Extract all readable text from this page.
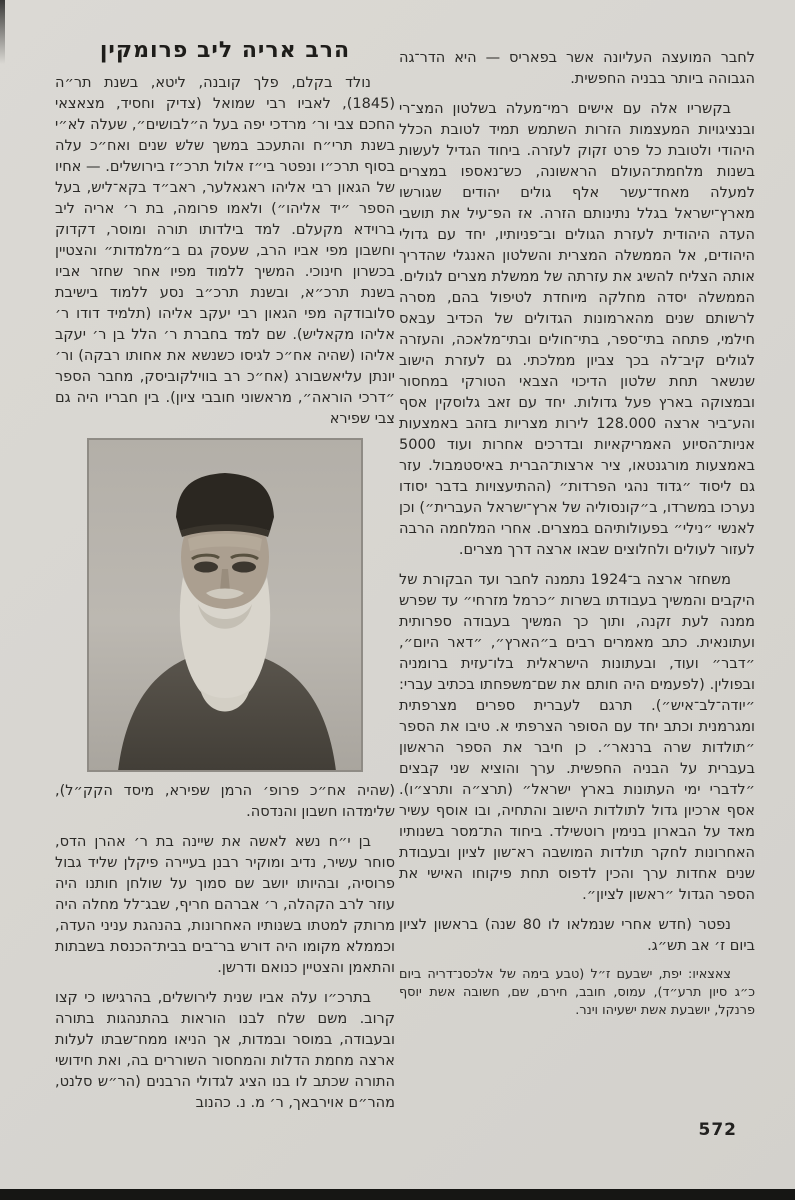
לחבר המועצה העליונה אשר בפאריס — היא הדר־גה הגבוהה ביותר בבניה החפשית.

בקשריו אלה עם אישים רמי־מעלה בשלטון המצ־רי ובנציגויות המעצמות הזרות השתמש תמיד לטובת הכלל היהודי ולטובת כל פרט זקוק לעזרה. ביחוד הגדיל לעשות בשנות מלחמת־העולם הראשונה, כש־נאספו במצרים למעלה מאחד־עשר אלף גולים יהודים שגורשו מארץ־ישראל בגלל נתינותם הזרה. אז הפ־עיל את תושבי העדה היהודית לעזרת הגולים וב־פניותיו, יחד עם גדולי היהודים, אל הממשלה המצרית והשלטון האנגלי שהדריך אותה הצליח להשיג את עזרתה של ממשלת מצרים לגולים. הממשלה יסדה מחלקה מיוחדת לטיפול בהם, מסרה לרשותם שנים מהארמונות הגדולים של הכדיב עבאס חילמי, פתחה בתי־ספר, בתי־חולים ובתי־מלאכה, והעזרה לגולים קיב־לה בכך צביון ממלכתי. גם לעזרת הישוב שנשאר תחת שלטון הדיכוי הצבאי הטורקי במחסור ובמצוקה בארץ פעל גדולות. יחד עם זאב גלוסקין אסף והע־ביר ארצה 128.000 לירות מצריות בזהב באמצעות אניות־הסיוע האמריקאיות ובדרכים אחרות ועוד 5000 באמצעות מורגנטאו, ציר ארצות־הברית באיסטמבול. עזר גם ליסוד ״גדוד נהגי הפרדות״ (ההתיעצויות בדבר יסודו נערכו במשרדו, ב״קונסוליה של ארץ־ישראל העברית״) וכן לאנשי ״נילי״ בפעולותיהם במצרים. אחרי המלחמה הרבה לעזור לעולים ולחלוצים שבאו ארצה דרך מצרים.

משחזר ארצה ב־1924 נתמנה לחבר ועד הבקורת של היקבים והמשיך בעבודתו בשרות ״כרמל מזרחי״ עד שפרש ממנה לעת זקנה, ותוך כך המשיך בעבודה ספרותית ועתונאית. כתב מאמרים רבים ב״הארץ״, ״דאר היום״, ״דבר״ ועוד, ובעתונות הישראלית בלו־עזית ברומניה ובפולין. (לפעמים היה חותם את שם־משפחתו בכתיב עברי: ״יודה־לב־איש״). תרגם לעברית ספרים מצרפתית ומגרמנית וכתב יחד עם הסופר הצרפתי א. טיבו את הספר ״תולדות שרה ברנאר״. כן חיבר את הספר הראשון בעברית על הבניה החפשית. ערך והוציא שני קבצים ״לדברי ימי העתונות בארץ ישראל״ (תרצ״ה ותרצ״ו). אסף ארכיון גדול לתולדות הישוב והתחיה, ובו אוסף עשיר מאד על הבארון בנימין רוטשילד. ביחוד הת־מסר בשנותיו האחרונות לחקר תולדות המושבה רא־שון לציון ובעבודת שנים אחדות ערך והכין לדפוס תחת פיקוחו האישי את הספר הגדול ״ראשון לציון״.

נפטר (חדש אחרי שנמלאו לו 80 שנה) בראשון לציון ביום ז׳ אב תש״ג.

צאצאיו: יפת, ישבעם ז״ל (טבע בימה של אלכסנ־דריה ביום כ״ג סיון תרע״ד), עמוס, חובב, חירם, שם, חשובה אשת יוסף פרנקל, יושבעת אשת ישעיהו וינר.

הרב אריה ליב פרומקין

נולד בקלם, פלך קובנה, ליטא, בשנת תר״ה (1845), לאביו רבי שמואל (צדיק וחסיד, מצאצאי החכם צבי ור׳ מרדכי יפה בעל ה״לבושים״, שעלה לא״י בשנת תרי״ח והתעכב במשך שלש שנים ואח״כ עלה בסוף תרכ״ו ונפטר בי״ז אלול תרכ״ז בירושלים. — אחיו של הגאון רבי אליהו ראגאלער, ראב״ד בקא־ליש, בעל הספר ״יד אליהו״) ולאמו פרומה, בת ר׳ אריה ליב ברוידא מקעלם. למד בילדותו תורה ומוסר, דקדוק וחשבון מפי אביו הרב, שעסק גם ב״מלמדות״ והצטיין בכשרון חינוכי. המשיך ללמוד מפיו אחר שחזר אביו בשנת תרכ״א, ובשנת תרכ״ב נסע ללמוד בישיבת סלובודקה מפי הגאון רבי יעקב אליהו (תלמיד דודו ר׳ אליהו מקאליש). שם למד בחברת ר׳ הלל בן ר׳ יעקב אליהו (שהיה אח״כ לגיסו כשנשא את אחותו רבקה) ור׳ יונתן עליאשבורג (אח״כ רב בווילקוביסק, מחבר הספר ״דרכי הוראה״, מראשוני חובבי ציון). בין חבריו היה גם צבי שפירא

(שהיה אח״כ פרופ׳ הרמן שפירא, מיסד הקק״ל), שלימדהו חשבון והנדסה.

בן י״ח נשא לאשה את שיינה בת ר׳ אהרן הדס, סוחר עשיר, נדיב ומוקיר רבנן בעיירה פיקלן שליד גבול פרוסיה, ובהיותו יושב שם סמוך על שולחן חותנו היה עוזר לרב הקהלה, ר׳ אברהם חריף, שבג־לל מחלה היה מרותק למטתו בשנותיו האחרונות, בהנהגת עניני העדה, וכממלא מקומו היה דורש בר־בים בבית־הכנסת בשבתות והתאמן והצטיין כנואם ודרשן.

בתרכ״ו עלה אביו שנית לירושלים, בהרגישו כי קצו קרוב. משם שלח לבנו הוראות בהתנהגות בתורה ובעבודה, במוסר ובמדות, אך הניאו ממח־שבתו לעלות ארצה מחמת הדלות והמחסור השוררים בה, ואת חידושי התורה שכתב לו בנו הציג לגדולי הרבנים (הר״ש סלנט, מהר״ם אוירבאך, ר׳ מ. נ. כהנוב

572
